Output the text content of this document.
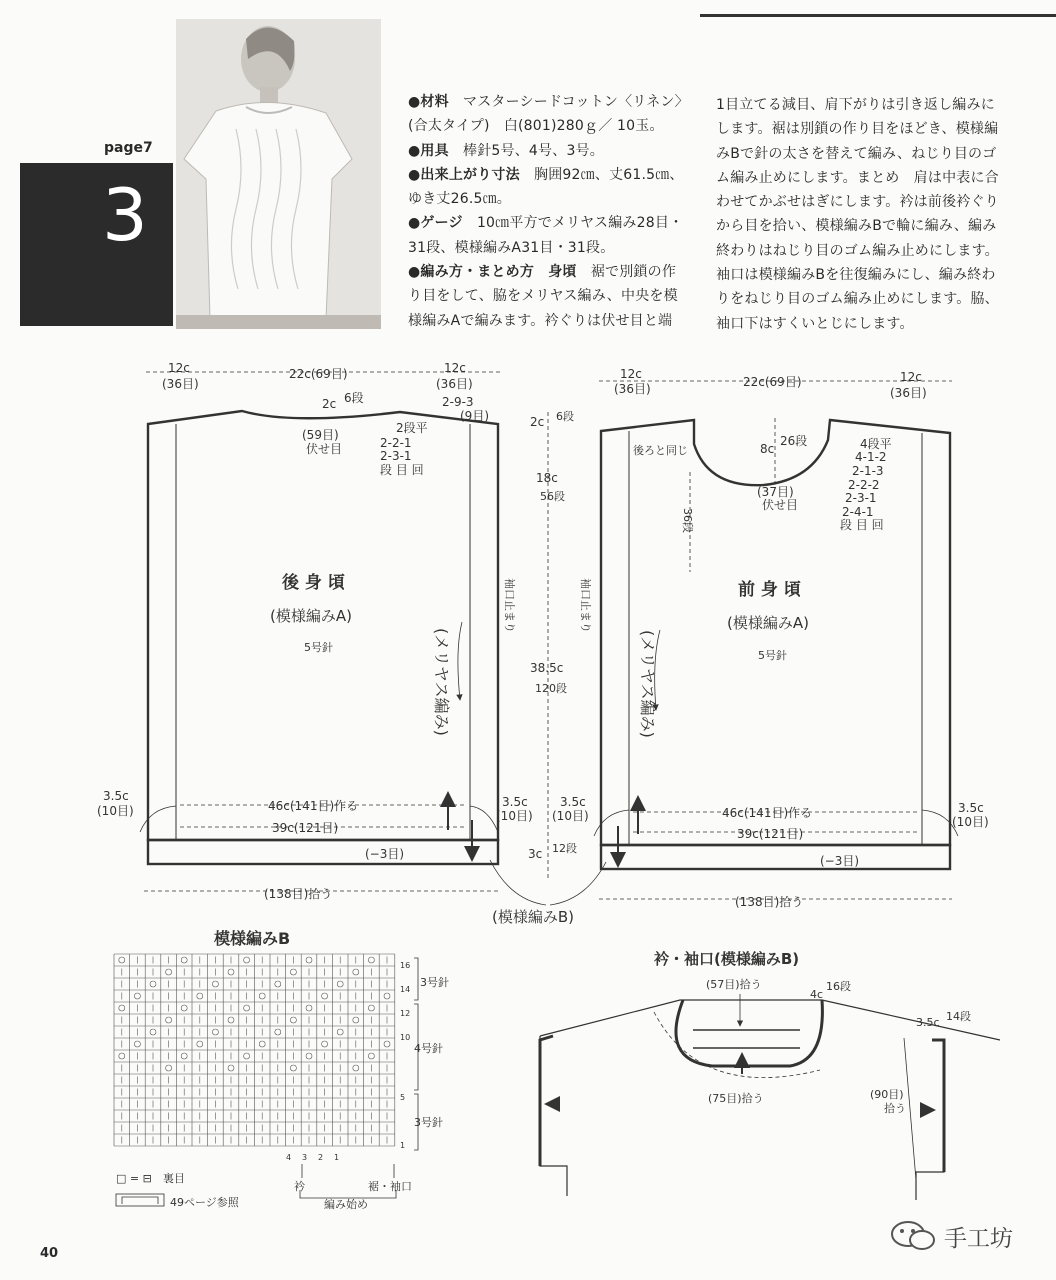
page7
3

●材料　マスターシードコットン〈リネン〉(合太タイプ)　白(801)280ｇ／ 10玉。

●用具　棒針5号、4号、3号。

●出来上がり寸法　胸囲92㎝、丈61.5㎝、ゆき丈26.5㎝。

●ゲージ　10㎝平方でメリヤス編み28目・31段、模様編みA31目・31段。

●編み方・まとめ方　身頃　裾で別鎖の作り目をして、脇をメリヤス編み、中央を模様編みAで編みます。衿ぐりは伏せ目と端

1目立てる減目、肩下がりは引き返し編みにします。裾は別鎖の作り目をほどき、模様編みBで針の太さを替えて編み、ねじり目のゴム編み止めにします。まとめ　肩は中表に合わせてかぶせはぎにします。衿は前後衿ぐりから目を拾い、模様編みBで輪に編み、編み終わりはねじり目のゴム編み止めにします。袖口は模様編みBを往復編みにし、編み終わりをねじり目のゴム編み止めにします。脇、袖口下はすくいとじにします。
12c
(36目)
22c(69目)	12c
(36目)
2c 6段	2-9-3
(9目)
(59目)
伏せ目
2段平
2-2-1
2-3-1
段 目 回
後 身 頃
(模様編みA)
5号針
46c(141目)作る
39c(121目)
(−3目)
3.5c
(10目)
3.5c
(10目)
(138目)拾う
袖口止まり
(メリヤス編み)
12c
(36目)	22c(69目)	12c
(36目)
後ろと同じ	8c
26段
36段
(37目)
伏せ目
4段平
4-1-2
2-1-3
2-2-2
2-3-1
2-4-1
段 目 回
前 身 頃
(模様編みA)
5号針
46c(141目)作る
39c(121目)
(−3目)
3.5c
(10目)
3.5c
(10目)
(138目)拾う
袖口止まり
(メリヤス編み)
2c 6段
18c
56段
38.5c
120段
3c 12段
(模様編みB)
模様編みB
16
14
12
10
5
1
4 3 2 1
3号針
4号針
3号針
□ = ⊟　裏目
49ページ参照
衿	裾・袖口
編み始め
衿・袖口(模様編みB)
(57目)拾う
(75目)拾う
4c
16段
3.5c 14段
(90目)
拾う
40
手工坊
